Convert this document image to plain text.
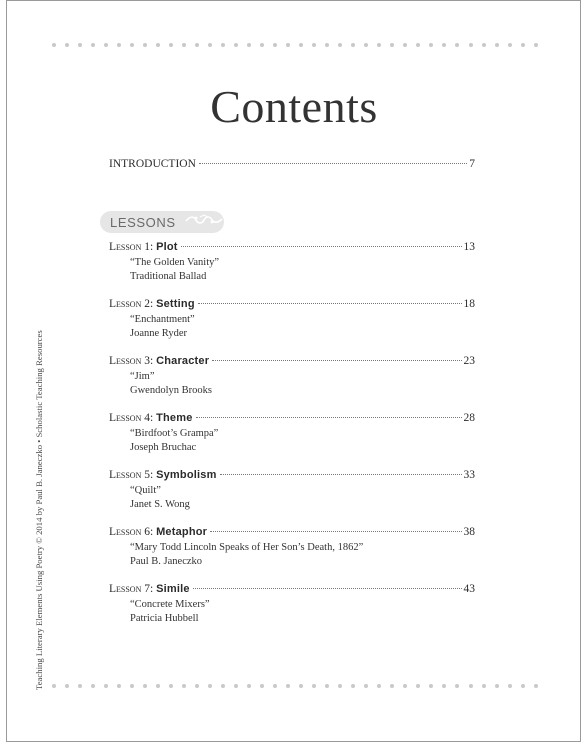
Contents
INTRODUCTION	7
LESSONS
Lesson 1: Plot	13
“The Golden Vanity”
Traditional Ballad
Lesson 2: Setting	18
“Enchantment”
Joanne Ryder
Lesson 3: Character	23
“Jim”
Gwendolyn Brooks
Lesson 4: Theme	28
“Birdfoot’s Grampa”
Joseph Bruchac
Lesson 5: Symbolism	33
“Quilt”
Janet S. Wong
Lesson 6: Metaphor	38
“Mary Todd Lincoln Speaks of Her Son’s Death, 1862”
Paul B. Janeczko
Lesson 7: Simile	43
“Concrete Mixers”
Patricia Hubbell
Teaching Literary Elements Using Poetry © 2014 by Paul B. Janeczko • Scholastic Teaching Resources
